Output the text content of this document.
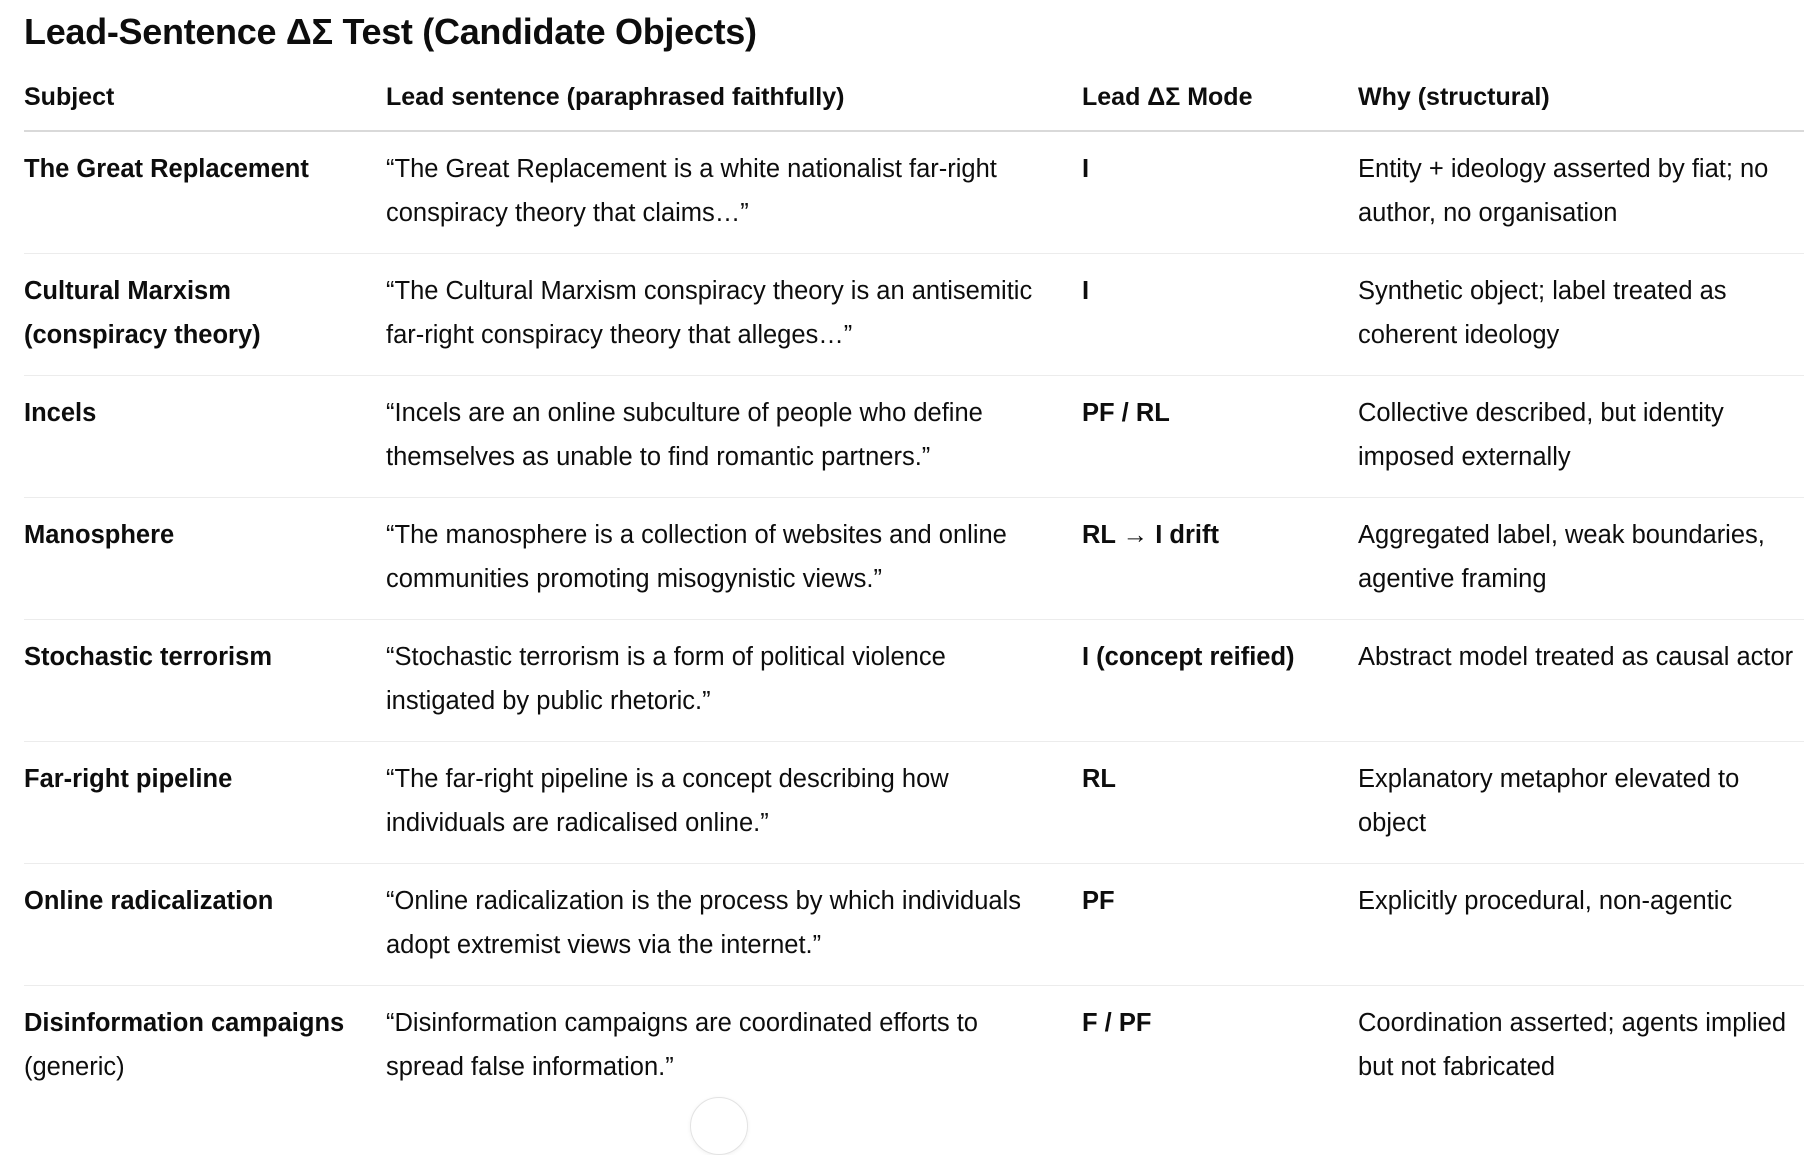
Lead-Sentence ΔΣ Test (Candidate Objects)
Subject	Lead sentence (paraphrased faithfully)	Lead ΔΣ Mode	Why (structural)
The Great Replacement	“The Great Replacement is a white nationalist far-right conspiracy theory that claims…”	I	Entity + ideology asserted by fiat; no author, no organisation
Cultural Marxism (conspiracy theory)	“The Cultural Marxism conspiracy theory is an antisemitic far-right conspiracy theory that alleges…”	I	Synthetic object; label treated as coherent ideology
Incels	“Incels are an online subculture of people who define themselves as unable to find romantic partners.”	PF / RL	Collective described, but identity imposed externally
Manosphere	“The manosphere is a collection of websites and online communities promoting misogynistic views.”	RL → I drift	Aggregated label, weak boundaries, agentive framing
Stochastic terrorism	“Stochastic terrorism is a form of political violence instigated by public rhetoric.”	I (concept reified)	Abstract model treated as causal actor
Far-right pipeline	“The far-right pipeline is a concept describing how individuals are radicalised online.”	RL	Explanatory metaphor elevated to object
Online radicalization	“Online radicalization is the process by which individuals adopt extremist views via the internet.”	PF	Explicitly procedural, non-agentic
Disinformation campaigns (generic)	“Disinformation campaigns are coordinated efforts to spread false information.”	F / PF	Coordination asserted; agents implied but not fabricated
